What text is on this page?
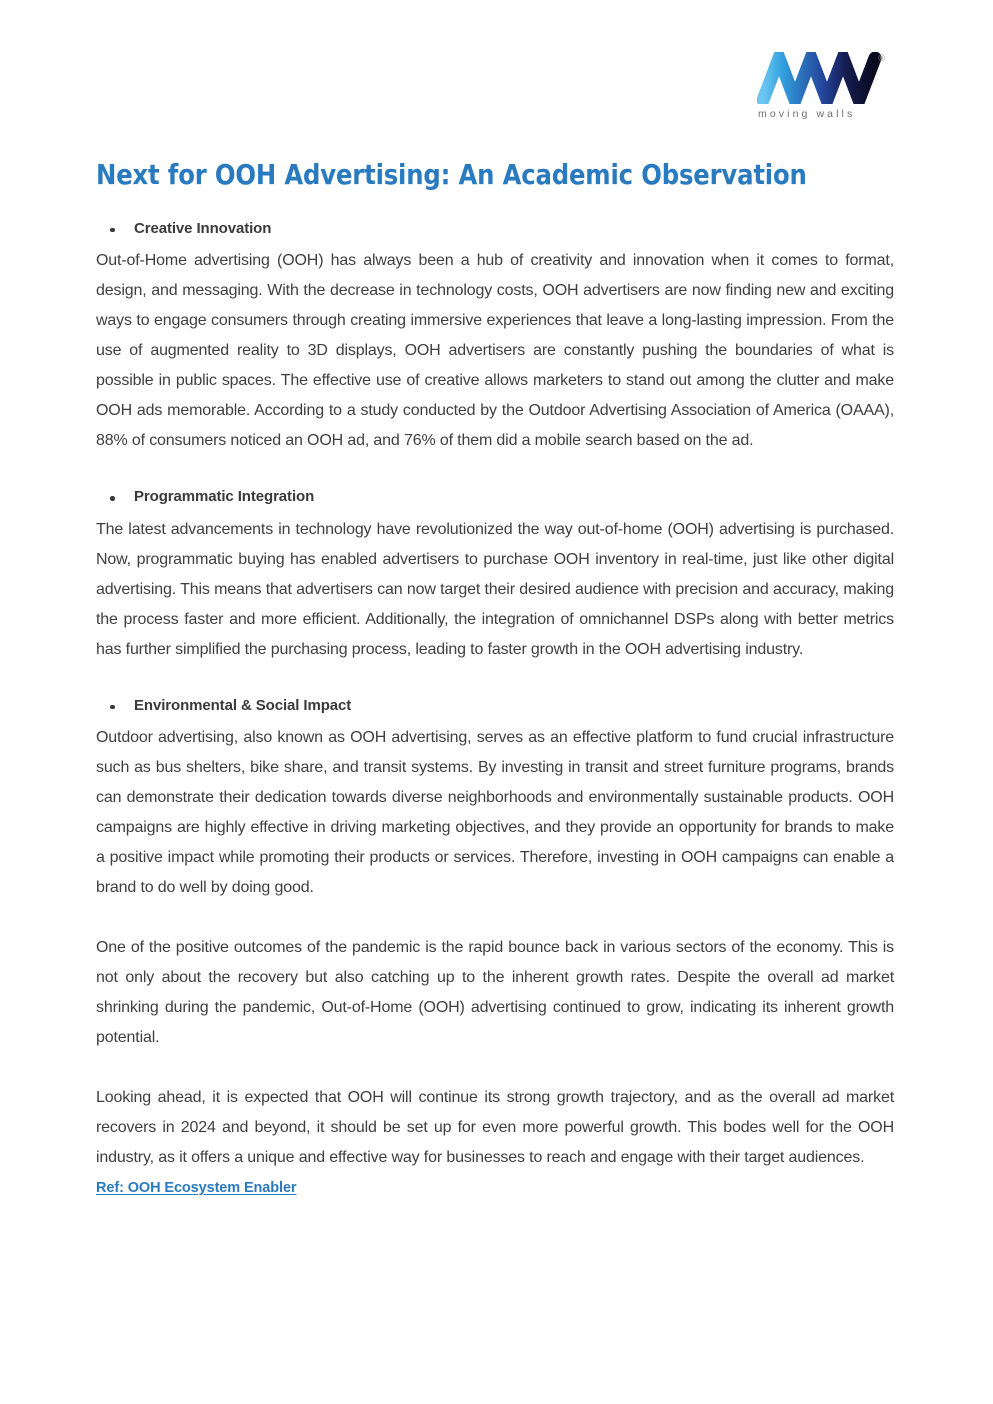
®
moving walls
Next for OOH Advertising: An Academic Observation
Creative Innovation

Out-of-Home advertising (OOH) has always been a hub of creativity and innovation when it comes to format, design, and messaging. With the decrease in technology costs, OOH advertisers are now finding new and exciting ways to engage consumers through creating immersive experiences that leave a long-lasting impression. From the use of augmented reality to 3D displays, OOH advertisers are constantly pushing the boundaries of what is possible in public spaces. The effective use of creative allows marketers to stand out among the clutter and make OOH ads memorable. According to a study conducted by the Outdoor Advertising Association of America (OAAA), 88% of consumers noticed an OOH ad, and 76% of them did a mobile search based on the ad.

Programmatic Integration

The latest advancements in technology have revolutionized the way out-of-home (OOH) advertising is purchased. Now, programmatic buying has enabled advertisers to purchase OOH inventory in real-time, just like other digital advertising. This means that advertisers can now target their desired audience with precision and accuracy, making the process faster and more efficient. Additionally, the integration of omnichannel DSPs along with better metrics has further simplified the purchasing process, leading to faster growth in the OOH advertising industry.

Environmental & Social Impact

Outdoor advertising, also known as OOH advertising, serves as an effective platform to fund crucial infrastructure such as bus shelters, bike share, and transit systems. By investing in transit and street furniture programs, brands can demonstrate their dedication towards diverse neighborhoods and environmentally sustainable products. OOH campaigns are highly effective in driving marketing objectives, and they provide an opportunity for brands to make a positive impact while promoting their products or services. Therefore, investing in OOH campaigns can enable a brand to do well by doing good.

One of the positive outcomes of the pandemic is the rapid bounce back in various sectors of the economy. This is not only about the recovery but also catching up to the inherent growth rates. Despite the overall ad market shrinking during the pandemic, Out-of-Home (OOH) advertising continued to grow, indicating its inherent growth potential.

Looking ahead, it is expected that OOH will continue its strong growth trajectory, and as the overall ad market recovers in 2024 and beyond, it should be set up for even more powerful growth. This bodes well for the OOH industry, as it offers a unique and effective way for businesses to reach and engage with their target audiences.

Ref: OOH Ecosystem Enabler
